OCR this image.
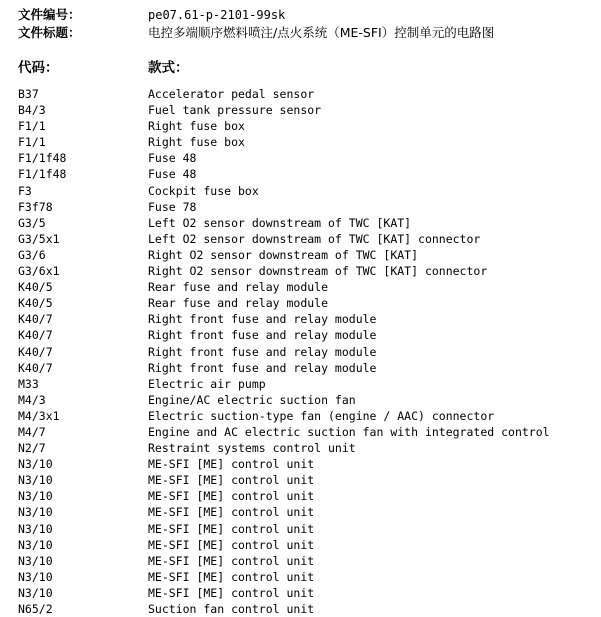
文件编号：	pe07.61-p-2101-99sk
文件标题：	电控多端顺序燃料喷注/点火系统（ME-SFI）控制单元的电路图
代码：	款式：
B37	Accelerator pedal sensor
B4/3	Fuel tank pressure sensor
F1/1	Right fuse box
F1/1	Right fuse box
F1/1f48	Fuse 48
F1/1f48	Fuse 48
F3	Cockpit fuse box
F3f78	Fuse 78
G3/5	Left O2 sensor downstream of TWC [KAT]
G3/5x1	Left O2 sensor downstream of TWC [KAT] connector
G3/6	Right O2 sensor downstream of TWC [KAT]
G3/6x1	Right O2 sensor downstream of TWC [KAT] connector
K40/5	Rear fuse and relay module
K40/5	Rear fuse and relay module
K40/7	Right front fuse and relay module
K40/7	Right front fuse and relay module
K40/7	Right front fuse and relay module
K40/7	Right front fuse and relay module
M33	Electric air pump
M4/3	Engine/AC electric suction fan
M4/3x1	Electric suction-type fan (engine / AAC) connector
M4/7	Engine and AC electric suction fan with integrated control
N2/7	Restraint systems control unit
N3/10	ME-SFI [ME] control unit
N3/10	ME-SFI [ME] control unit
N3/10	ME-SFI [ME] control unit
N3/10	ME-SFI [ME] control unit
N3/10	ME-SFI [ME] control unit
N3/10	ME-SFI [ME] control unit
N3/10	ME-SFI [ME] control unit
N3/10	ME-SFI [ME] control unit
N3/10	ME-SFI [ME] control unit
N65/2	Suction fan control unit
